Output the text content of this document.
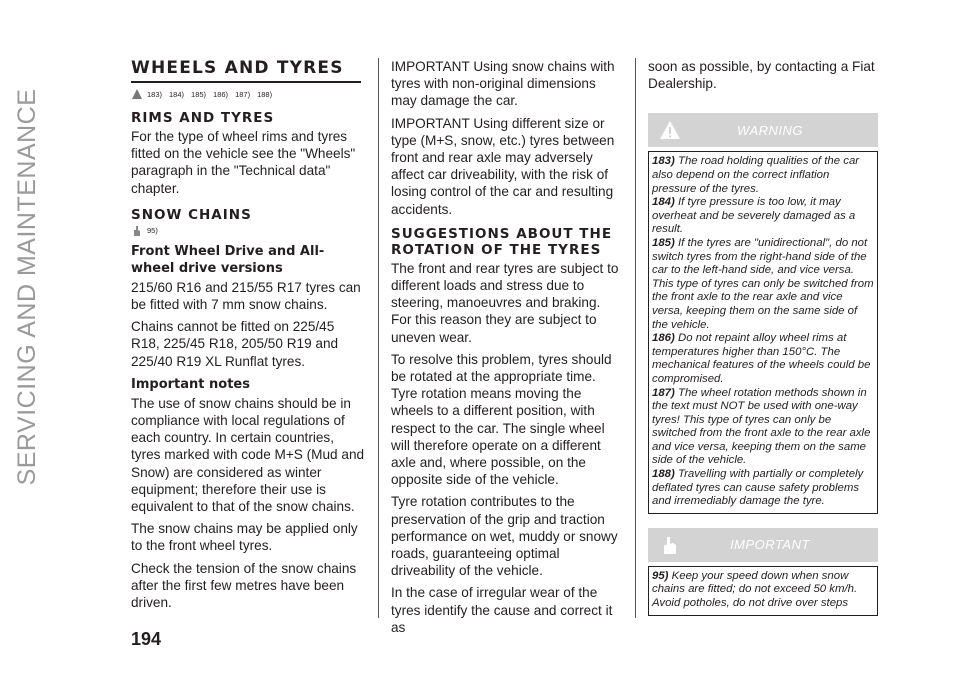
SERVICING AND MAINTENANCE
194
WHEELS AND TYRES
183) 184) 185) 186) 187) 188)
RIMS AND TYRES

For the type of wheel rims and tyres fitted on the vehicle see the "Wheels" paragraph in the "Technical data" chapter.

SNOW CHAINS
95)
Front Wheel Drive and All-wheel drive versions

215/60 R16 and 215/55 R17 tyres can be fitted with 7 mm snow chains.

Chains cannot be fitted on 225/45 R18, 225/45 R18, 205/50 R19 and 225/40 R19 XL Runflat tyres.

Important notes

The use of snow chains should be in compliance with local regulations of each country. In certain countries, tyres marked with code M+S (Mud and Snow) are considered as winter equipment; therefore their use is equivalent to that of the snow chains.

The snow chains may be applied only to the front wheel tyres.

Check the tension of the snow chains after the first few metres have been driven.

IMPORTANT Using snow chains with tyres with non-original dimensions may damage the car.

IMPORTANT Using different size or type (M+S, snow, etc.) tyres between front and rear axle may adversely affect car driveability, with the risk of losing control of the car and resulting accidents.

SUGGESTIONS ABOUT THE ROTATION OF THE TYRES

The front and rear tyres are subject to different loads and stress due to steering, manoeuvres and braking. For this reason they are subject to uneven wear.

To resolve this problem, tyres should be rotated at the appropriate time. Tyre rotation means moving the wheels to a different position, with respect to the car. The single wheel will therefore operate on a different axle and, where possible, on the opposite side of the vehicle.

Tyre rotation contributes to the preservation of the grip and traction performance on wet, muddy or snowy roads, guaranteeing optimal driveability of the vehicle.

In the case of irregular wear of the tyres identify the cause and correct it as

soon as possible, by contacting a Fiat Dealership.

WARNING

183) The road holding qualities of the car also depend on the correct inflation pressure of the tyres.

184) If tyre pressure is too low, it may overheat and be severely damaged as a result.

185) If the tyres are "unidirectional", do not switch tyres from the right-hand side of the car to the left-hand side, and vice versa. This type of tyres can only be switched from the front axle to the rear axle and vice versa, keeping them on the same side of the vehicle.

186) Do not repaint alloy wheel rims at temperatures higher than 150°C. The mechanical features of the wheels could be compromised.

187) The wheel rotation methods shown in the text must NOT be used with one-way tyres! This type of tyres can only be switched from the front axle to the rear axle and vice versa, keeping them on the same side of the vehicle.

188) Travelling with partially or completely deflated tyres can cause safety problems and irremediably damage the tyre.

IMPORTANT

95) Keep your speed down when snow chains are fitted; do not exceed 50 km/h. Avoid potholes, do not drive over steps
